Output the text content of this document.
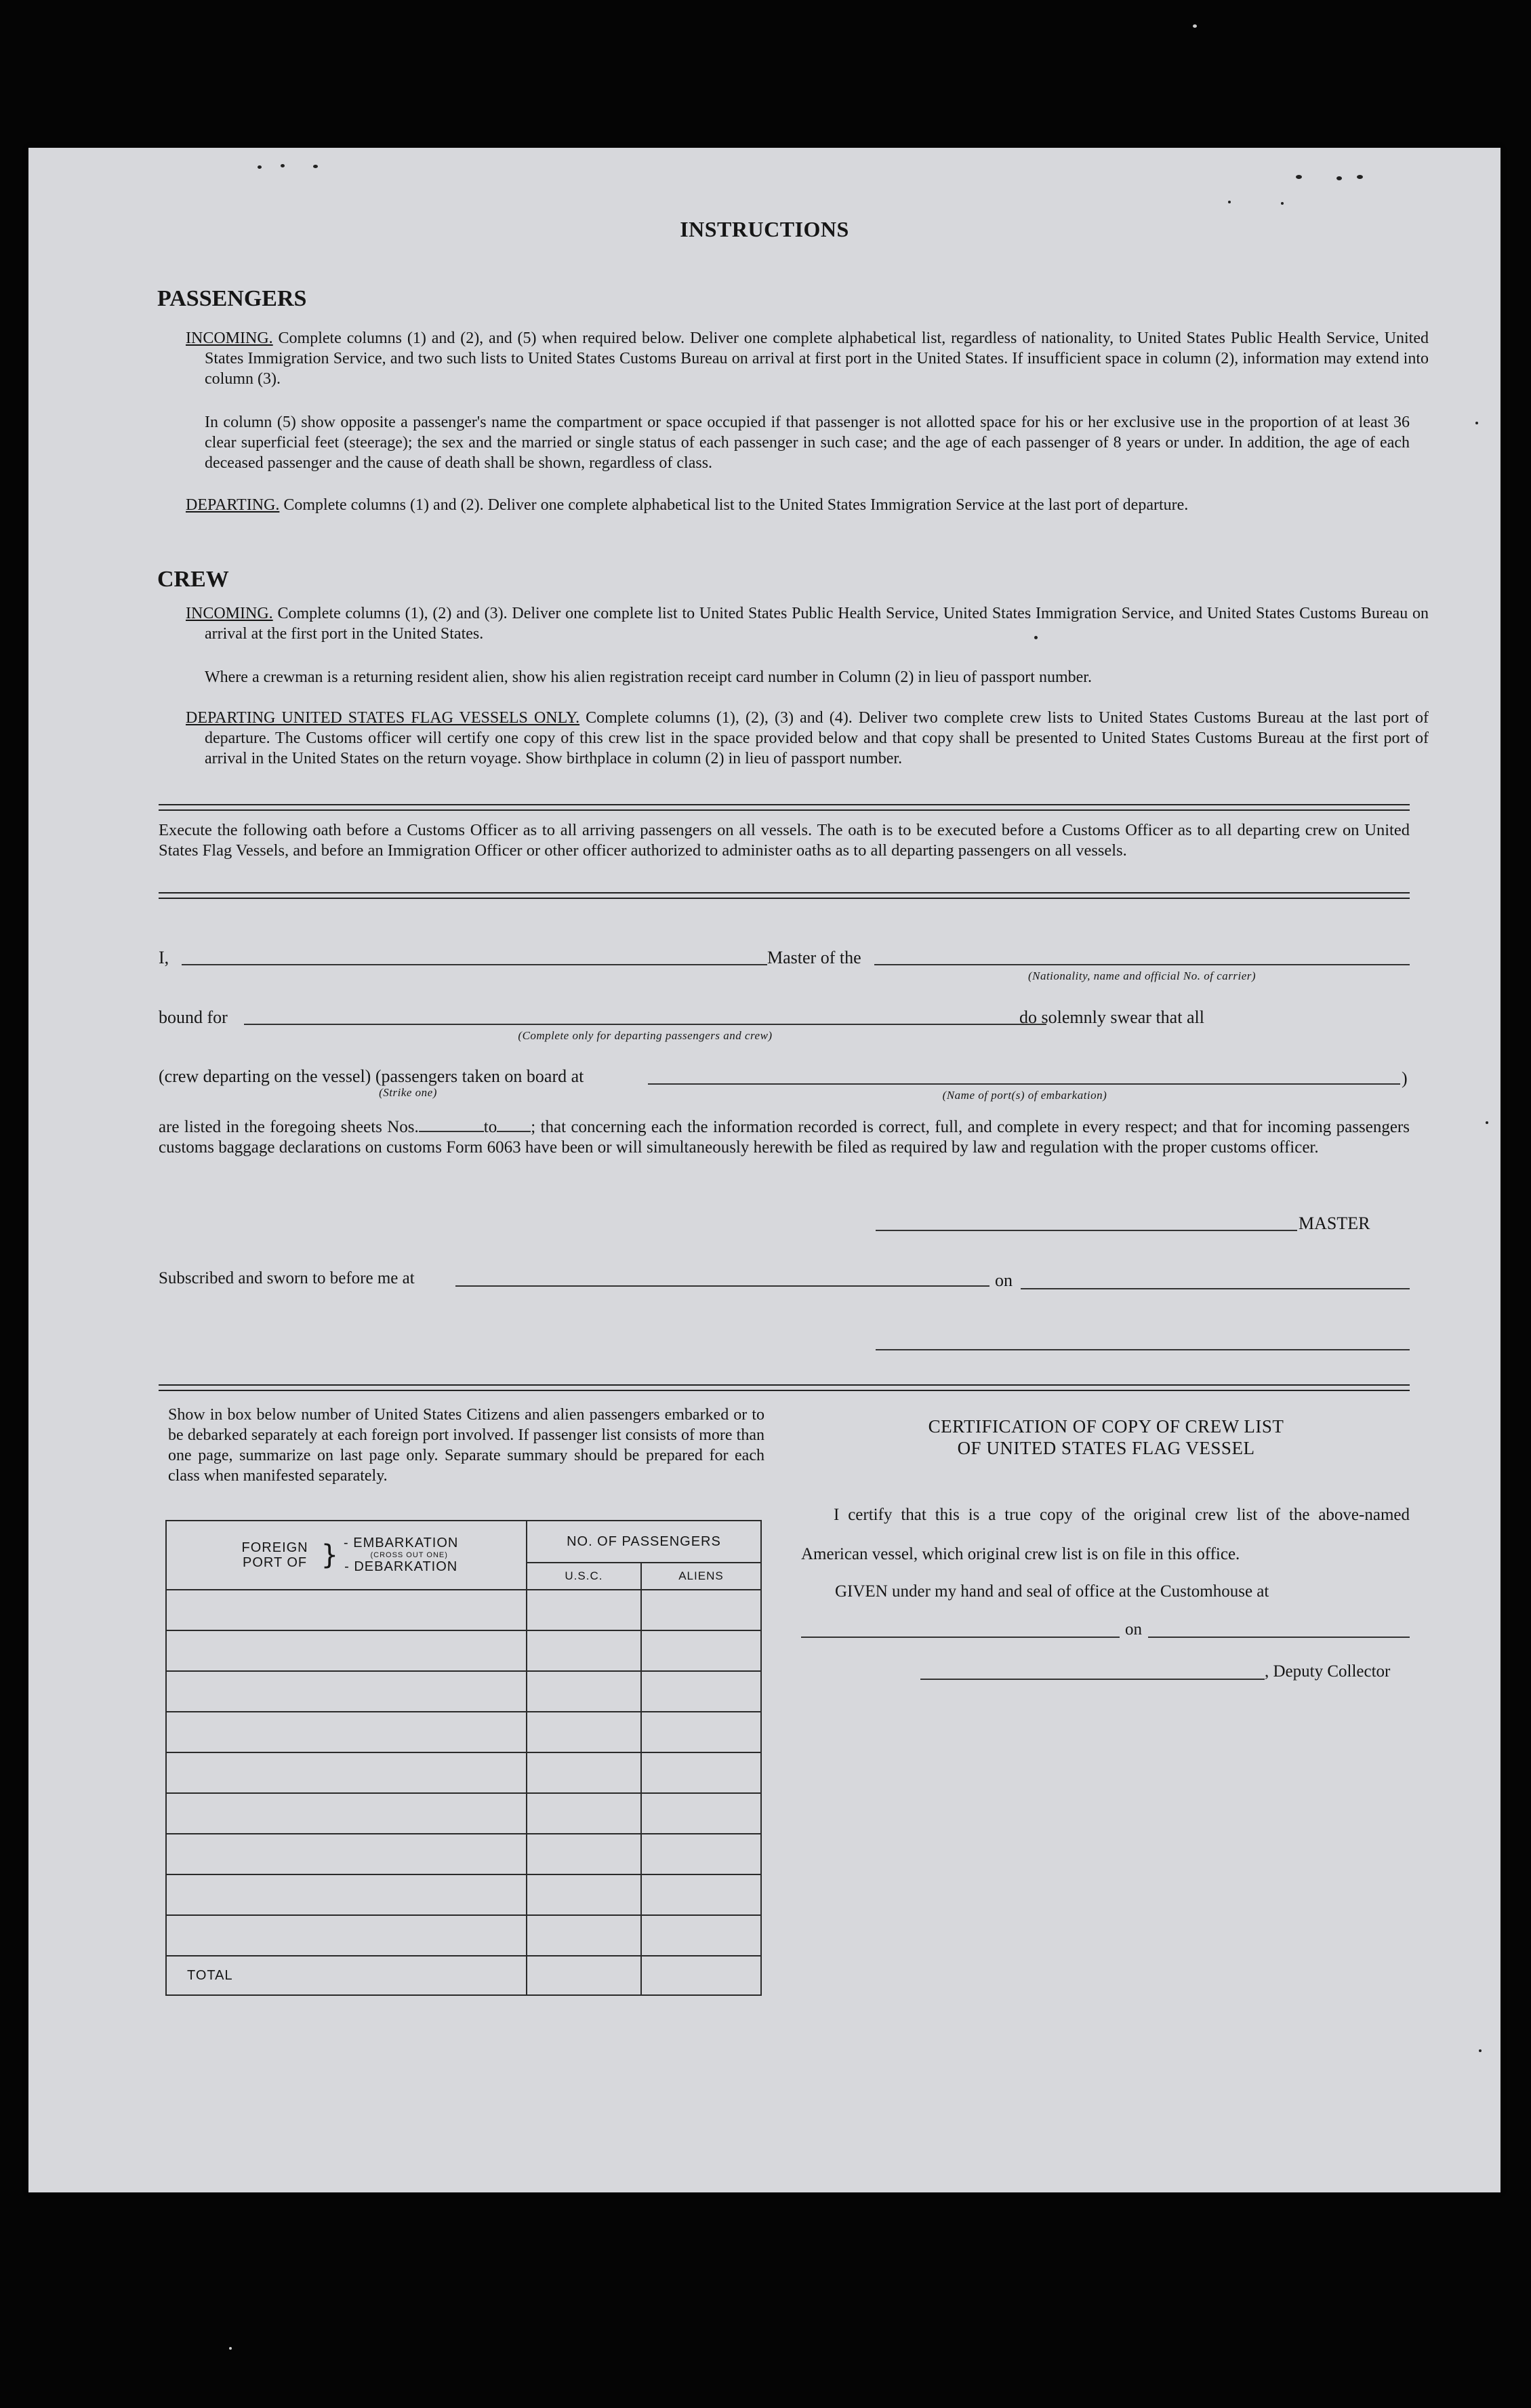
INSTRUCTIONS
PASSENGERS
INCOMING. Complete columns (1) and (2), and (5) when required below. Deliver one complete alphabetical list, regardless of nationality, to United States Public Health Service, United States Immigration Service, and two such lists to United States Customs Bureau on arrival at first port in the United States. If insufficient space in column (2), information may extend into column (3).
In column (5) show opposite a passenger's name the compartment or space occupied if that passenger is not allotted space for his or her exclusive use in the proportion of at least 36 clear superficial feet (steerage); the sex and the married or single status of each passenger in such case; and the age of each passenger of 8 years or under. In addition, the age of each deceased passenger and the cause of death shall be shown, regardless of class.
DEPARTING. Complete columns (1) and (2). Deliver one complete alphabetical list to the United States Immigration Service at the last port of departure.
CREW
INCOMING. Complete columns (1), (2) and (3). Deliver one complete list to United States Public Health Service, United States Immigration Service, and United States Customs Bureau on arrival at the first port in the United States.
Where a crewman is a returning resident alien, show his alien registration receipt card number in Column (2) in lieu of passport number.
DEPARTING UNITED STATES FLAG VESSELS ONLY. Complete columns (1), (2), (3) and (4). Deliver two complete crew lists to United States Customs Bureau at the last port of departure. The Customs officer will certify one copy of this crew list in the space provided below and that copy shall be presented to United States Customs Bureau at the first port of arrival in the United States on the return voyage. Show birthplace in column (2) in lieu of passport number.
Execute the following oath before a Customs Officer as to all arriving passengers on all vessels. The oath is to be executed before a Customs Officer as to all departing crew on United States Flag Vessels, and before an Immigration Officer or other officer authorized to administer oaths as to all departing passengers on all vessels.
I,	Master of the
(Nationality, name and official No. of carrier)
bound for
(Complete only for departing passengers and crew)
do solemnly swear that all
(crew departing on the vessel) (passengers taken on board at
(Strike one)	(Name of port(s) of embarkation)
)
are listed in the foregoing sheets Nos.	to ; that concerning each the information recorded is correct, full, and complete in every respect; and that for incoming passengers customs baggage declarations on customs Form 6063 have been or will simultaneously herewith be filed as required by law and regulation with the proper customs officer.
MASTER
Subscribed and sworn to before me at	on
Show in box below number of United States Citizens and alien passengers embarked or to be debarked separately at each foreign port involved. If passenger list consists of more than one page, summarize on last page only. Separate summary should be prepared for each class when manifested separately.
FOREIGN PORT OF } - EMBARKATION
(CROSS OUT ONE)
- DEBARKATION	NO. OF PASSENGERS	
	U.S.C.	ALIENS

TOTAL		
CERTIFICATION OF COPY OF CREW LIST
OF UNITED STATES FLAG VESSEL
I certify that this is a true copy of the original crew list of the above-named American vessel, which original crew list is on file in this office.
GIVEN under my hand and seal of office at the Customhouse at
on
, Deputy Collector
